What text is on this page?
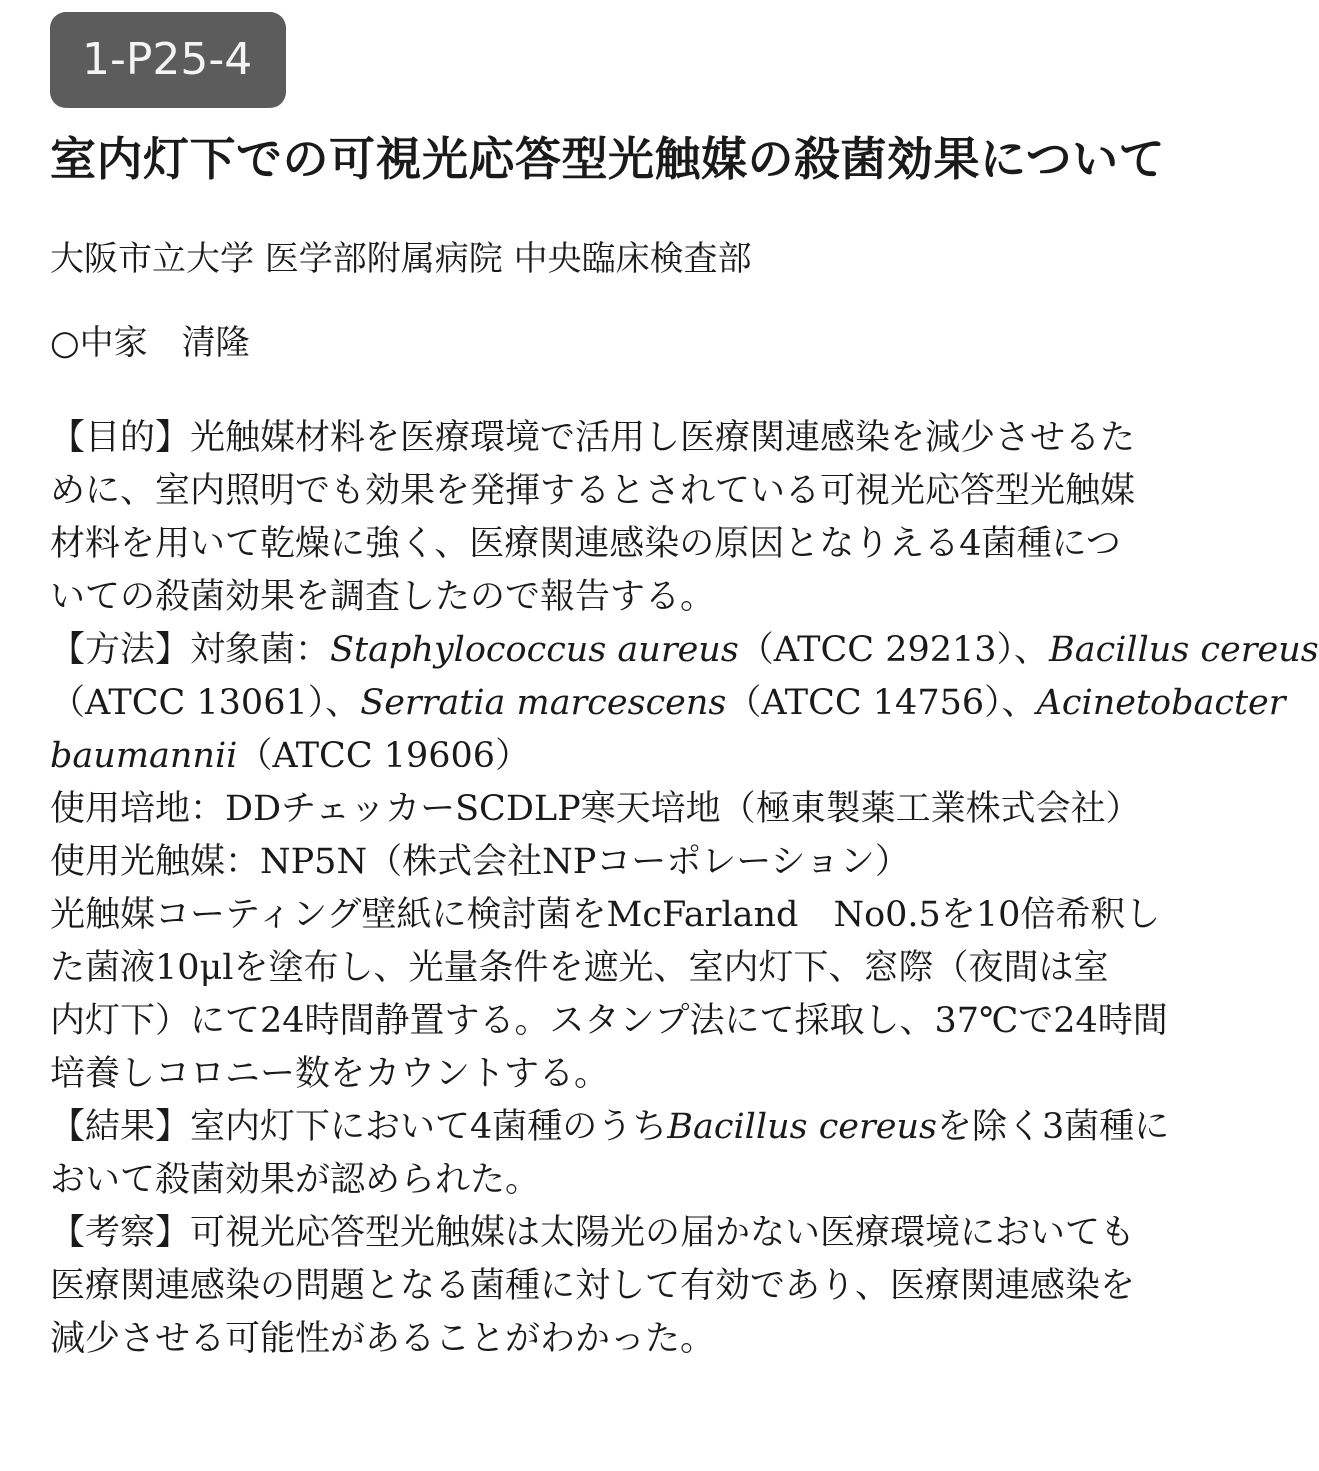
1-P25-4
室内灯下での可視光応答型光触媒の殺菌効果について
大阪市立大学 医学部附属病院 中央臨床検査部
○中家　清隆
【目的】光触媒材料を医療環境で活用し医療関連感染を減少させるた
めに、室内照明でも効果を発揮するとされている可視光応答型光触媒
材料を用いて乾燥に強く、医療関連感染の原因となりえる4菌種につ
いての殺菌効果を調査したので報告する。
【方法】対象菌：Staphylococcus aureus（ATCC 29213）、Bacillus cereus
（ATCC 13061）、Serratia marcescens（ATCC 14756）、Acinetobacter
baumannii（ATCC 19606）
使用培地：DDチェッカーSCDLP寒天培地（極東製薬工業株式会社）
使用光触媒：NP5N（株式会社NPコーポレーション）
光触媒コーティング壁紙に検討菌をMcFarland　No0.5を10倍希釈し
た菌液10μlを塗布し、光量条件を遮光、室内灯下、窓際（夜間は室
内灯下）にて24時間静置する。スタンプ法にて採取し、37℃で24時間
培養しコロニー数をカウントする。
【結果】室内灯下において4菌種のうちBacillus cereusを除く3菌種に
おいて殺菌効果が認められた。
【考察】可視光応答型光触媒は太陽光の届かない医療環境においても
医療関連感染の問題となる菌種に対して有効であり、医療関連感染を
減少させる可能性があることがわかった。
